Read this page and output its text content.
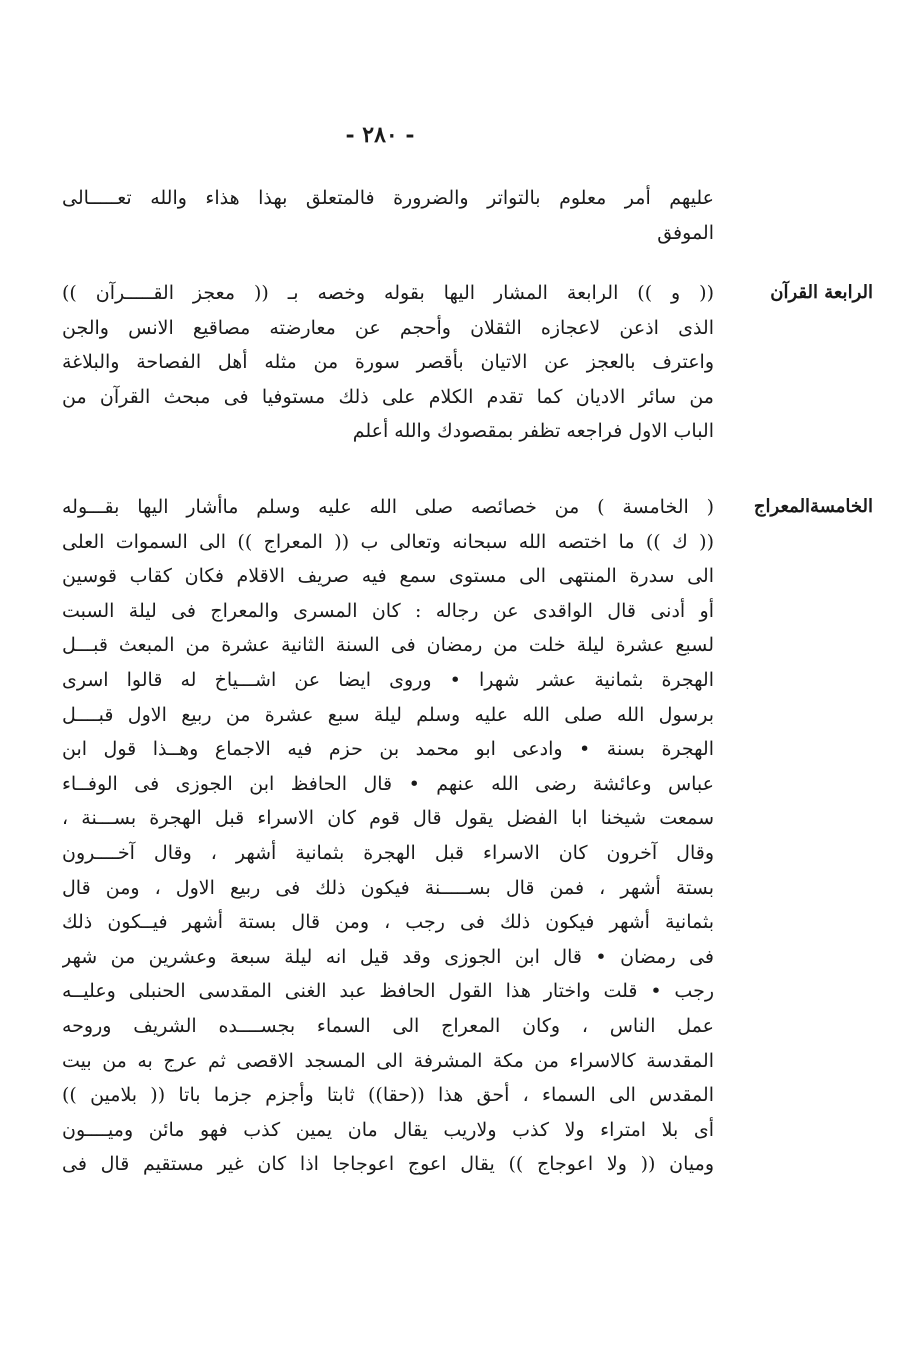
- ٢٨٠ -
عليهم أمر معلوم بالتواتر والضرورة فالمتعلق بهذا هذاء والله تعـــــالى
الموفق
الرابعة القرآن
(( و )) الرابعة المشار اليها بقوله وخصه بـ (( معجز القـــــرآن ))
الذى اذعن لاعجازه الثقلان وأحجم عن معارضته مصاقيع الانس والجن
واعترف بالعجز عن الاتيان بأقصر سورة من مثله أهل الفصاحة والبلاغة
من سائر الاديان كما تقدم الكلام على ذلك مستوفيا فى مبحث القرآن من
الباب الاول فراجعه تظفر بمقصودك والله أعلم
الخامسةالمعراج
( الخامسة ) من خصائصه صلى الله عليه وسلم ماأشار اليها بقـــوله
(( ك )) ما اختصه الله سبحانه وتعالى ب (( المعراج )) الى السموات العلى
الى سدرة المنتهى الى مستوى سمع فيه صريف الاقلام فكان كقاب قوسين
أو أدنى قال الواقدى عن رجاله : كان المسرى والمعراج فى ليلة السبت
لسبع عشرة ليلة خلت من رمضان فى السنة الثانية عشرة من المبعث قبـــل
الهجرة بثمانية عشر شهرا • وروى ايضا عن اشـــياخ له قالوا اسرى
برسول الله صلى الله عليه وسلم ليلة سبع عشرة من ربيع الاول قبــــل
الهجرة بسنة • وادعى ابو محمد بن حزم فيه الاجماع وهــذا قول ابن
عباس وعائشة رضى الله عنهم • قال الحافظ ابن الجوزى فى الوفــاء
سمعت شيخنا ابا الفضل يقول قال قوم كان الاسراء قبل الهجرة بســـنة ،
وقال آخرون كان الاسراء قبل الهجرة بثمانية أشهر ، وقال آخــــرون
بستة أشهر ، فمن قال بســـــنة فيكون ذلك فى ربيع الاول ، ومن قال
بثمانية أشهر فيكون ذلك فى رجب ، ومن قال بستة أشهر فيــكون ذلك
فى رمضان • قال ابن الجوزى وقد قيل انه ليلة سبعة وعشرين من شهر
رجب • قلت واختار هذا القول الحافظ عبد الغنى المقدسى الحنبلى وعليــه
عمل الناس ، وكان المعراج الى السماء بجســــده الشريف وروحه
المقدسة كالاسراء من مكة المشرفة الى المسجد الاقصى ثم عرج به من بيت
المقدس الى السماء ، أحق هذا ((حقا)) ثابتا وأجزم جزما باتا (( بلامين ))
أى بلا امتراء ولا كذب ولاريب يقال مان يمين كذب فهو مائن وميــــون
وميان (( ولا اعوجاج )) يقال اعوج اعوجاجا اذا كان غير مستقيم قال فى
